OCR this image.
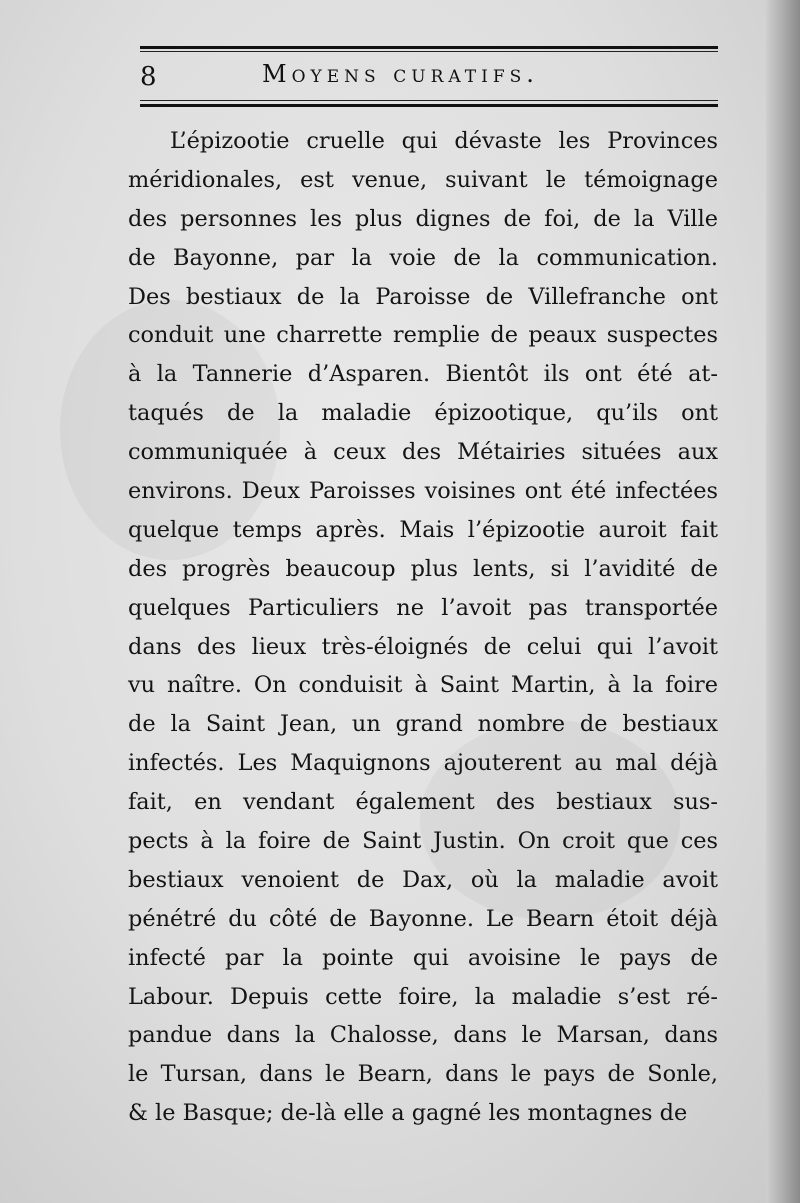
8	Moyens curatifs.
L’épizootie cruelle qui dévaste les Provinces
méridionales, est venue, suivant le témoignage
des personnes les plus dignes de foi, de la Ville
de Bayonne, par la voie de la communication.
Des bestiaux de la Paroisse de Villefranche ont
conduit une charrette remplie de peaux suspectes
à la Tannerie d’Asparen. Bientôt ils ont été at-
taqués de la maladie épizootique, qu’ils ont
communiquée à ceux des Métairies situées aux
environs. Deux Paroisses voisines ont été infectées
quelque temps après. Mais l’épizootie auroit fait
des progrès beaucoup plus lents, si l’avidité de
quelques Particuliers ne l’avoit pas transportée
dans des lieux très-éloignés de celui qui l’avoit
vu naître. On conduisit à Saint Martin, à la foire
de la Saint Jean, un grand nombre de bestiaux
infectés. Les Maquignons ajouterent au mal déjà
fait, en vendant également des bestiaux sus-
pects à la foire de Saint Justin. On croit que ces
bestiaux venoient de Dax, où la maladie avoit
pénétré du côté de Bayonne. Le Bearn étoit déjà
infecté par la pointe qui avoisine le pays de
Labour. Depuis cette foire, la maladie s’est ré-
pandue dans la Chalosse, dans le Marsan, dans
le Tursan, dans le Bearn, dans le pays de Sonle,
& le Basque; de-là elle a gagné les montagnes de
